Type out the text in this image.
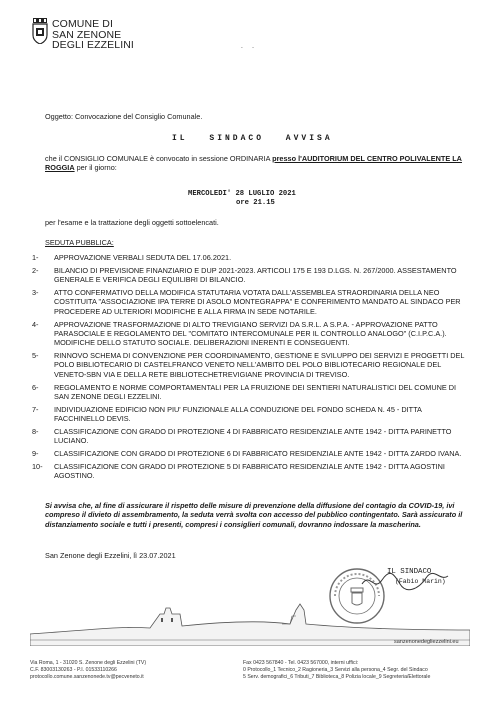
COMUNE DI
SAN ZENONE
DEGLI EZZELINI	- -
Oggetto: Convocazione del Consiglio Comunale.
IL SINDACO AVVISA
che il CONSIGLIO COMUNALE è convocato in sessione ORDINARIA presso l'AUDITORIUM DEL CENTRO POLIVALENTE LA ROGGIA per il giorno:
MERCOLEDI' 28 LUGLIO 2021
ore 21.15
per l'esame e la trattazione degli oggetti sottoelencati.
SEDUTA PUBBLICA:
1-	APPROVAZIONE VERBALI SEDUTA DEL 17.06.2021.
2-	BILANCIO DI PREVISIONE FINANZIARIO E DUP 2021-2023. ARTICOLI 175 E 193 D.LGS. N. 267/2000. ASSESTAMENTO GENERALE E VERIFICA DEGLI EQUILIBRI DI BILANCIO.
3-	ATTO CONFERMATIVO DELLA MODIFICA STATUTARIA VOTATA DALL'ASSEMBLEA STRAORDINARIA DELLA NEO COSTITUITA "ASSOCIAZIONE IPA TERRE DI ASOLO MONTEGRAPPA" E CONFERIMENTO MANDATO AL SINDACO PER PROCEDERE AD ULTERIORI MODIFICHE E ALLA FIRMA IN SEDE NOTARILE.
4-	APPROVAZIONE TRASFORMAZIONE DI ALTO TREVIGIANO SERVIZI DA S.R.L. A S.P.A. - APPROVAZIONE PATTO PARASOCIALE E REGOLAMENTO DEL "COMITATO INTERCOMUNALE PER IL CONTROLLO ANALOGO" (C.I.P.C.A.). MODIFICHE DELLO STATUTO SOCIALE. DELIBERAZIONI INERENTI E CONSEGUENTI.
5-	RINNOVO SCHEMA DI CONVENZIONE PER COORDINAMENTO, GESTIONE E SVILUPPO DEI SERVIZI E PROGETTI DEL POLO BIBLIOTECARIO DI CASTELFRANCO VENETO NELL'AMBITO DEL POLO BIBLIOTECARIO REGIONALE DEL VENETO-SBN VIA E DELLA RETE BIBLIOTECHETREVIGIANE PROVINCIA DI TREVISO.
6-	REGOLAMENTO E NORME COMPORTAMENTALI PER LA FRUIZIONE DEI SENTIERI NATURALISTICI DEL COMUNE DI SAN ZENONE DEGLI EZZELINI.
7-	INDIVIDUAZIONE EDIFICIO NON PIU' FUNZIONALE ALLA CONDUZIONE DEL FONDO SCHEDA N. 45 - DITTA FACCHINELLO DEVIS.
8-	CLASSIFICAZIONE CON GRADO DI PROTEZIONE 4 DI FABBRICATO RESIDENZIALE ANTE 1942 - DITTA PARINETTO LUCIANO.
9-	CLASSIFICAZIONE CON GRADO DI PROTEZIONE 6 DI FABBRICATO RESIDENZIALE ANTE 1942 - DITTA ZARDO IVANA.
10-	CLASSIFICAZIONE CON GRADO DI PROTEZIONE 5 DI FABBRICATO RESIDENZIALE ANTE 1942 - DITTA AGOSTINI AGOSTINO.
Si avvisa che, al fine di assicurare il rispetto delle misure di prevenzione della diffusione del contagio da COVID-19, ivi compreso il divieto di assembramento, la seduta verrà svolta con accesso del pubblico contingentato. Sarà assicurato il distanziamento sociale e tutti i presenti, compresi i consiglieri comunali, dovranno indossare la mascherina.
San Zenone degli Ezzelini, lì 23.07.2021
IL SINDACO
(Fabio Marin)
sanzenonedegliezzelini.eu
Via Roma, 1 - 31020 S. Zenone degli Ezzelini (TV)
C.F. 83003130263 - P.I. 01533110266
protocollo.comune.sanzenonede.tv@pecveneto.it
Fax 0423 567840 - Tel. 0423 567000, interni uffici:
0 Protocollo_1 Tecnico_2 Ragioneria_3 Servizi alla persona_4 Segr. del Sindaco
5 Serv. demografici_6 Tributi_7 Biblioteca_8 Polizia locale_9 Segreteria/Elettorale
